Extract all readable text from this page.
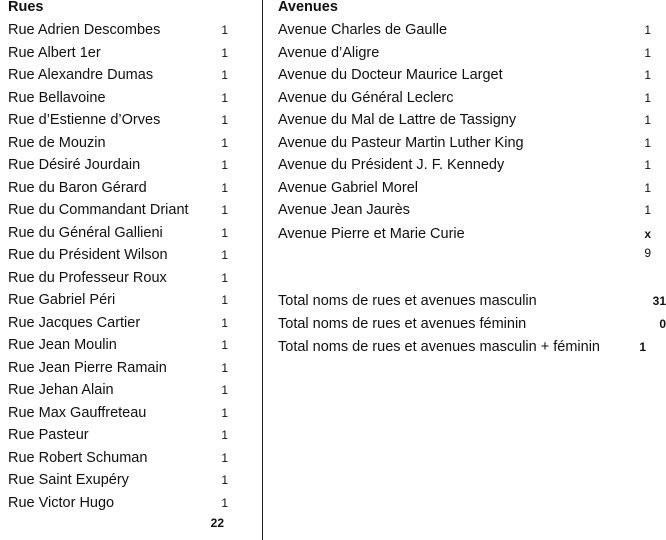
Rues
Rue Adrien Descombes	1
Rue Albert 1er	1
Rue Alexandre Dumas	1
Rue Bellavoine	1
Rue d’Estienne d’Orves	1
Rue de Mouzin	1
Rue Désiré Jourdain	1
Rue du Baron Gérard	1
Rue du Commandant Driant	1
Rue du Général Gallieni	1
Rue du Président Wilson	1
Rue du Professeur Roux	1
Rue Gabriel Péri	1
Rue Jacques Cartier	1
Rue Jean Moulin	1
Rue Jean Pierre Ramain	1
Rue Jehan Alain	1
Rue Max Gauffreteau	1
Rue Pasteur	1
Rue Robert Schuman	1
Rue Saint Exupéry	1
Rue Victor Hugo	1
22
Avenues
Avenue Charles de Gaulle	1
Avenue d’Aligre	1
Avenue du Docteur Maurice Larget	1
Avenue du Général Leclerc	1
Avenue du Mal de Lattre de Tassigny	1
Avenue du Pasteur Martin Luther King	1
Avenue du Président J. F. Kennedy	1
Avenue Gabriel Morel	1
Avenue Jean Jaurès	1
Avenue Pierre et Marie Curie	x
9
Total noms de rues et avenues masculin	31
Total noms de rues et avenues féminin	0
Total noms de rues et avenues masculin + féminin	1
